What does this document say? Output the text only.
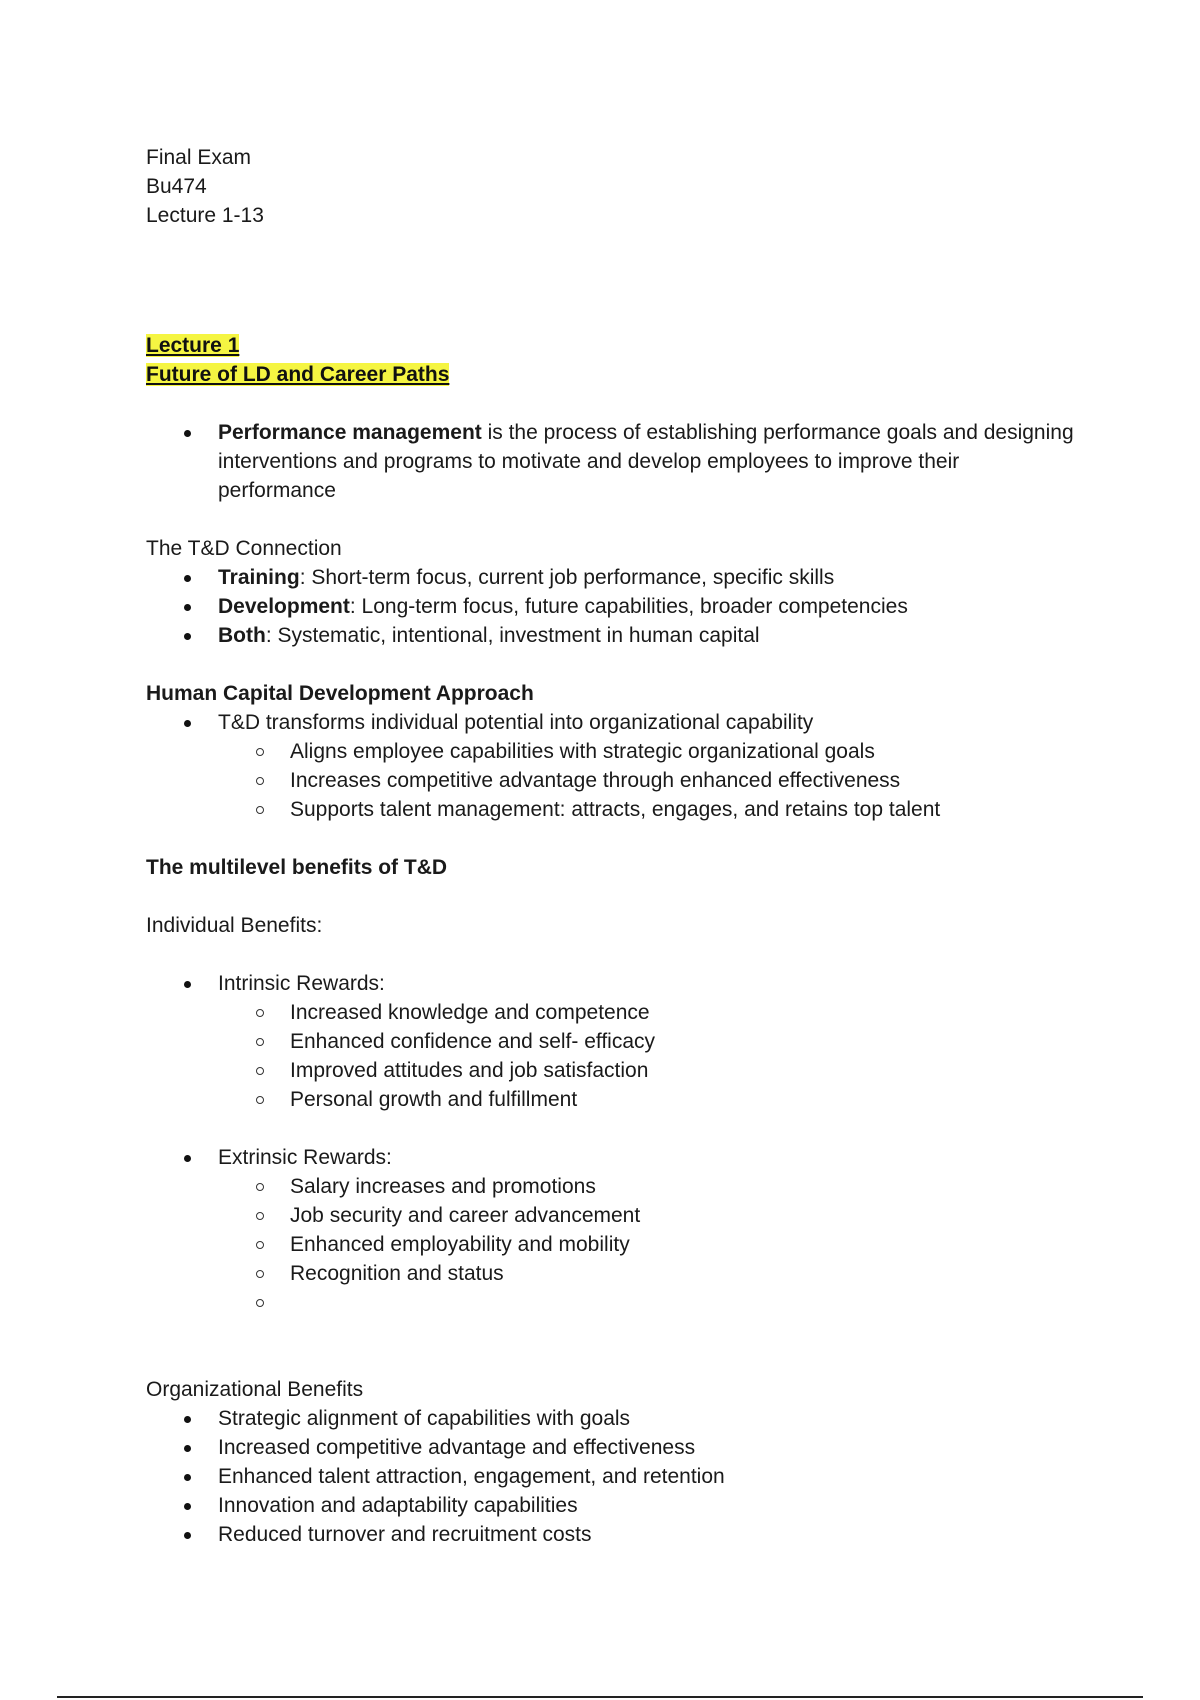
Final Exam

Bu474

Lecture 1-13

Lecture 1

Future of LD and Career Paths

Performance management is the process of establishing performance goals and designing interventions and programs to motivate and develop employees to improve their performance

The T&D Connection

Training: Short-term focus, current job performance, specific skills
Development: Long-term focus, future capabilities, broader competencies
Both: Systematic, intentional, investment in human capital

Human Capital Development Approach

T&D transforms individual potential into organizational capability
Aligns employee capabilities with strategic organizational goals
Increases competitive advantage through enhanced effectiveness
Supports talent management: attracts, engages, and retains top talent

The multilevel benefits of T&D

Individual Benefits:

Intrinsic Rewards:
Increased knowledge and competence
Enhanced confidence and self- efficacy
Improved attitudes and job satisfaction
Personal growth and fulfillment
Extrinsic Rewards:
Salary increases and promotions
Job security and career advancement
Enhanced employability and mobility
Recognition and status

Organizational Benefits

Strategic alignment of capabilities with goals
Increased competitive advantage and effectiveness
Enhanced talent attraction, engagement, and retention
Innovation and adaptability capabilities
Reduced turnover and recruitment costs
